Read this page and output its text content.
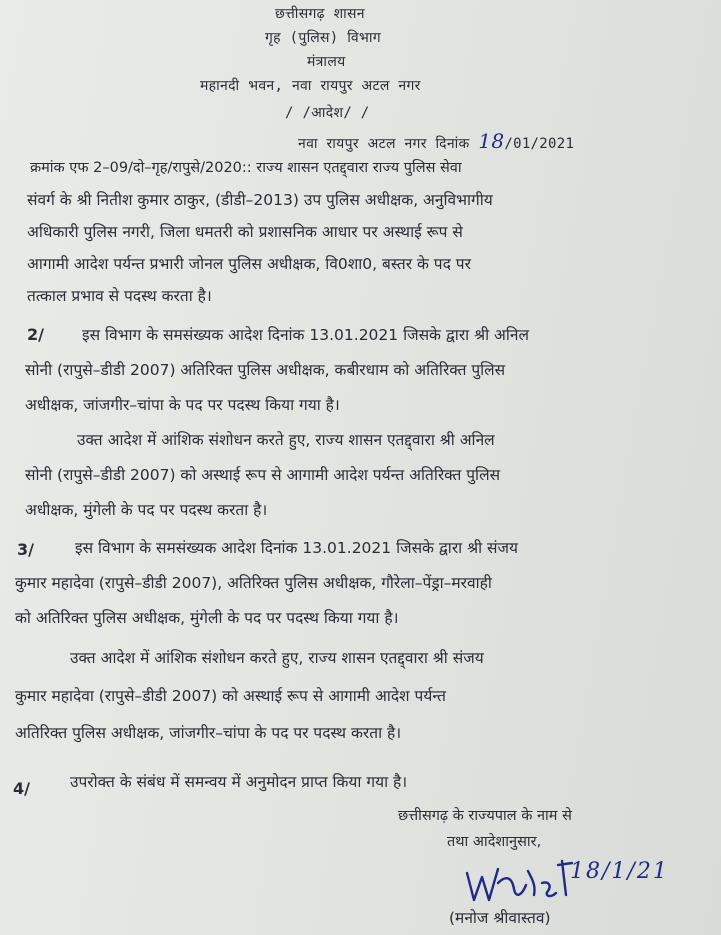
छत्तीसगढ़ शासन
गृह (पुलिस) विभाग
मंत्रालय
महानदी भवन, नवा रायपुर अटल नगर
/ /आदेश/ /
नवा रायपुर अटल नगर दिनांक 18/01/2021
क्रमांक एफ 2–09/दो–गृह/रापुसे/2020:: राज्य शासन एतद्द्वारा राज्य पुलिस सेवा
संवर्ग के श्री नितीश कुमार ठाकुर, (डीडी–2013) उप पुलिस अधीक्षक, अनुविभागीय
अधिकारी पुलिस नगरी, जिला धमतरी को प्रशासनिक आधार पर अस्थाई रूप से
आगामी आदेश पर्यन्त प्रभारी जोनल पुलिस अधीक्षक, वि0शा0, बस्तर के पद पर
तत्काल प्रभाव से पदस्थ करता है।
2/ इस विभाग के समसंख्यक आदेश दिनांक 13.01.2021 जिसके द्वारा श्री अनिल
सोनी (रापुसे–डीडी 2007) अतिरिक्त पुलिस अधीक्षक, कबीरधाम को अतिरिक्त पुलिस
अधीक्षक, जांजगीर–चांपा के पद पर पदस्थ किया गया है।
उक्त आदेश में आंशिक संशोधन करते हुए, राज्य शासन एतद्द्वारा श्री अनिल
सोनी (रापुसे–डीडी 2007) को अस्थाई रूप से आगामी आदेश पर्यन्त अतिरिक्त पुलिस
अधीक्षक, मुंगेली के पद पर पदस्थ करता है।
3/	इस विभाग के समसंख्यक आदेश दिनांक 13.01.2021 जिसके द्वारा श्री संजय
कुमार महादेवा (रापुसे–डीडी 2007), अतिरिक्त पुलिस अधीक्षक, गौरेला–पेंड्रा–मरवाही
को अतिरिक्त पुलिस अधीक्षक, मुंगेली के पद पर पदस्थ किया गया है।
उक्त आदेश में आंशिक संशोधन करते हुए, राज्य शासन एतद्द्वारा श्री संजय
कुमार महादेवा (रापुसे–डीडी 2007) को अस्थाई रूप से आगामी आदेश पर्यन्त
अतिरिक्त पुलिस अधीक्षक, जांजगीर–चांपा के पद पर पदस्थ करता है।
4/	उपरोक्त के संबंध में समन्वय में अनुमोदन प्राप्त किया गया है।
छत्तीसगढ़ के राज्यपाल के नाम से
तथा आदेशानुसार,
18/1/21
(मनोज श्रीवास्तव)
